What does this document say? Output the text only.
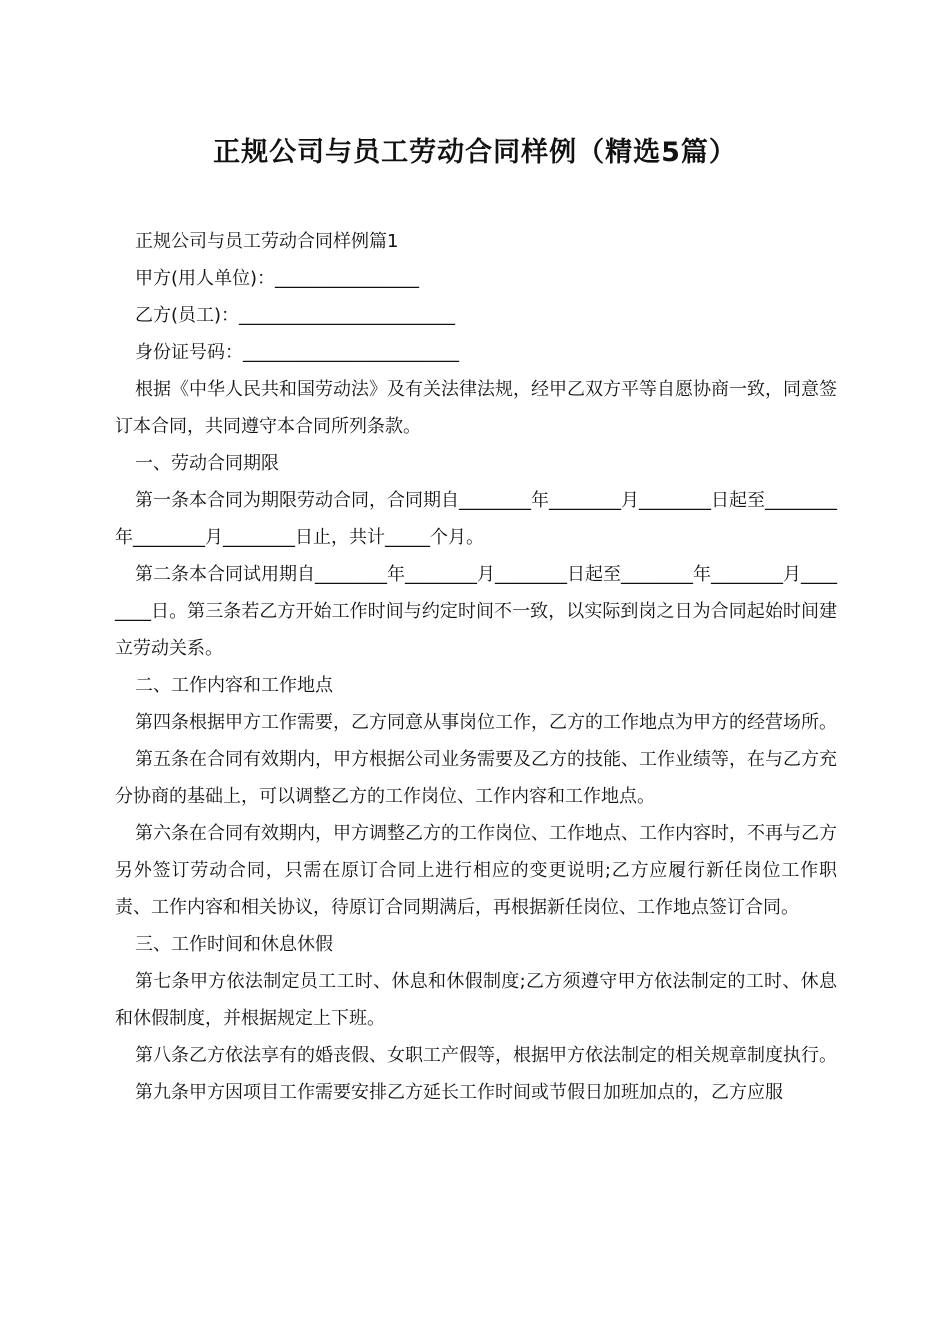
正规公司与员工劳动合同样例（精选5篇）

正规公司与员工劳动合同样例篇1

甲方(用人单位)：________________

乙方(员工)：________________________

身份证号码：________________________

根据《中华人民共和国劳动法》及有关法律法规，经甲乙双方平等自愿协商一致，同意签订本合同，共同遵守本合同所列条款。

一、劳动合同期限

第一条本合同为期限劳动合同，合同期自________年________月________日起至________年________月________日止，共计_____个月。

第二条本合同试用期自________年________月________日起至________年________月________日。第三条若乙方开始工作时间与约定时间不一致，以实际到岗之日为合同起始时间建立劳动关系。

二、工作内容和工作地点

第四条根据甲方工作需要，乙方同意从事岗位工作，乙方的工作地点为甲方的经营场所。

第五条在合同有效期内，甲方根据公司业务需要及乙方的技能、工作业绩等，在与乙方充分协商的基础上，可以调整乙方的工作岗位、工作内容和工作地点。

第六条在合同有效期内，甲方调整乙方的工作岗位、工作地点、工作内容时，不再与乙方另外签订劳动合同，只需在原订合同上进行相应的变更说明;乙方应履行新任岗位工作职责、工作内容和相关协议，待原订合同期满后，再根据新任岗位、工作地点签订合同。

三、工作时间和休息休假

第七条甲方依法制定员工工时、休息和休假制度;乙方须遵守甲方依法制定的工时、休息和休假制度，并根据规定上下班。

第八条乙方依法享有的婚丧假、女职工产假等，根据甲方依法制定的相关规章制度执行。

第九条甲方因项目工作需要安排乙方延长工作时间或节假日加班加点的，乙方应服
